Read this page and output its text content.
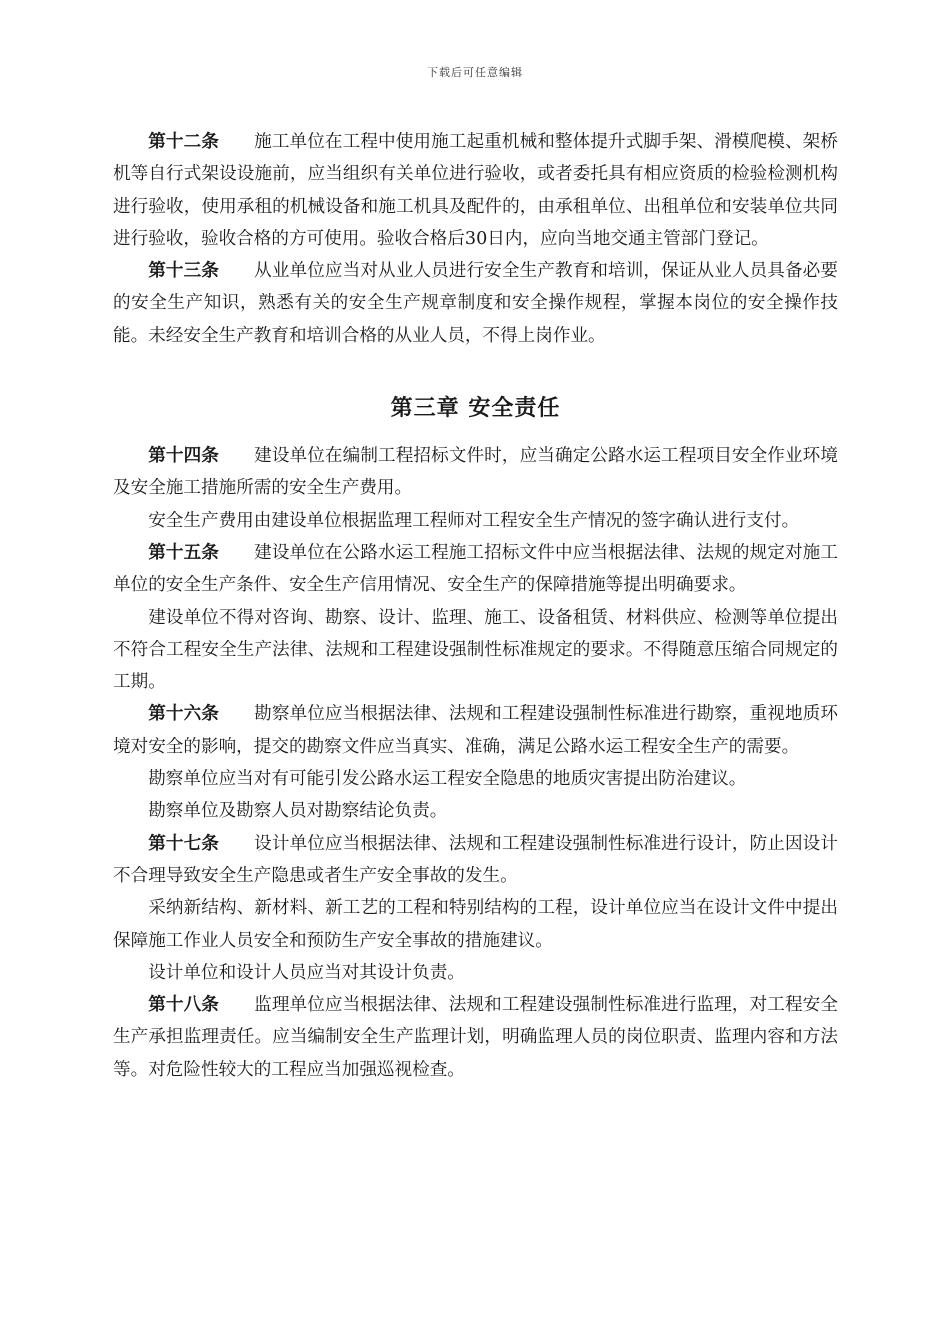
下载后可任意编辑
第十二条 施工单位在工程中使用施工起重机械和整体提升式脚手架、滑模爬模、架桥机等自行式架设设施前，应当组织有关单位进行验收，或者委托具有相应资质的检验检测机构进行验收，使用承租的机械设备和施工机具及配件的，由承租单位、出租单位和安装单位共同进行验收，验收合格的方可使用。验收合格后30日内，应向当地交通主管部门登记。
第十三条 从业单位应当对从业人员进行安全生产教育和培训，保证从业人员具备必要的安全生产知识，熟悉有关的安全生产规章制度和安全操作规程，掌握本岗位的安全操作技能。未经安全生产教育和培训合格的从业人员，不得上岗作业。
第三章 安全责任
第十四条 建设单位在编制工程招标文件时，应当确定公路水运工程项目安全作业环境及安全施工措施所需的安全生产费用。
安全生产费用由建设单位根据监理工程师对工程安全生产情况的签字确认进行支付。
第十五条 建设单位在公路水运工程施工招标文件中应当根据法律、法规的规定对施工单位的安全生产条件、安全生产信用情况、安全生产的保障措施等提出明确要求。
建设单位不得对咨询、勘察、设计、监理、施工、设备租赁、材料供应、检测等单位提出不符合工程安全生产法律、法规和工程建设强制性标准规定的要求。不得随意压缩合同规定的工期。
第十六条 勘察单位应当根据法律、法规和工程建设强制性标准进行勘察，重视地质环境对安全的影响，提交的勘察文件应当真实、准确，满足公路水运工程安全生产的需要。
勘察单位应当对有可能引发公路水运工程安全隐患的地质灾害提出防治建议。
勘察单位及勘察人员对勘察结论负责。
第十七条 设计单位应当根据法律、法规和工程建设强制性标准进行设计，防止因设计不合理导致安全生产隐患或者生产安全事故的发生。
采纳新结构、新材料、新工艺的工程和特别结构的工程，设计单位应当在设计文件中提出保障施工作业人员安全和预防生产安全事故的措施建议。
设计单位和设计人员应当对其设计负责。
第十八条 监理单位应当根据法律、法规和工程建设强制性标准进行监理，对工程安全生产承担监理责任。应当编制安全生产监理计划，明确监理人员的岗位职责、监理内容和方法等。对危险性较大的工程应当加强巡视检查。
